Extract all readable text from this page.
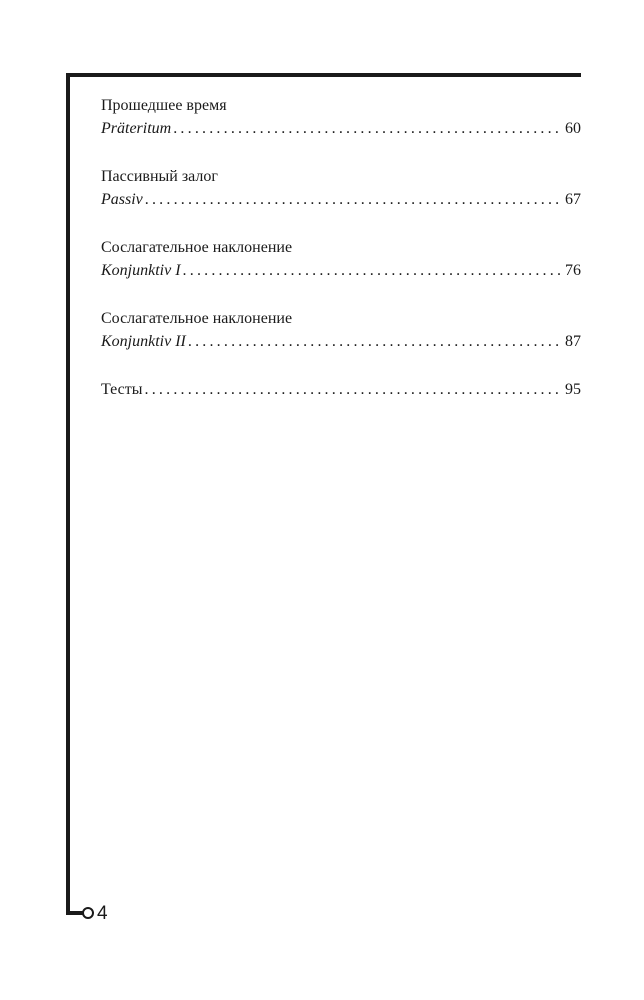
4
Прошедшее время
Präteritum .....	60
Пассивный залог
Passiv .....	67
Сослагательное наклонение
Konjunktiv I .....	76
Сослагательное наклонение
Konjunktiv II .....	87
Тесты .....	95
